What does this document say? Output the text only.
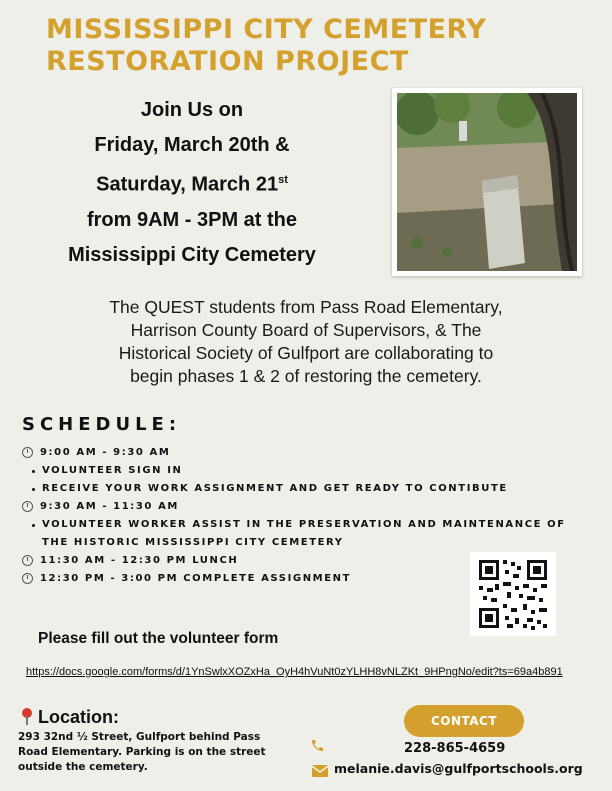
MISSISSIPPI CITY CEMETERY
RESTORATION PROJECT
Join Us on
Friday, March 20th &
Saturday, March 21st
from 9AM - 3PM at the
Mississippi City Cemetery
The QUEST students from Pass Road Elementary,
Harrison County Board of Supervisors, & The
Historical Society of Gulfport are collaborating to
begin phases 1 & 2 of restoring the cemetery.
SCHEDULE:
9:00 AM - 9:30 AM
VOLUNTEER SIGN IN
RECEIVE YOUR WORK ASSIGNMENT AND GET READY TO CONTIBUTE
9:30 AM - 11:30 AM
VOLUNTEER WORKER ASSIST IN THE PRESERVATION AND MAINTENANCE OF
THE HISTORIC MISSISSIPPI CITY CEMETERY
11:30 AM - 12:30 PM LUNCH
12:30 PM - 3:00 PM COMPLETE ASSIGNMENT
Please fill out the volunteer form
https://docs.google.com/forms/d/1YnSwlxXOZxHa_OyH4hVuNt0zYLHH8vNLZKt_9HPngNo/edit?ts=69a4b891
Location:
293 32nd ½ Street, Gulfport behind Pass
Road Elementary. Parking is on the street
outside the cemetery.
CONTACT
228-865-4659
melanie.davis@gulfportschools.org
